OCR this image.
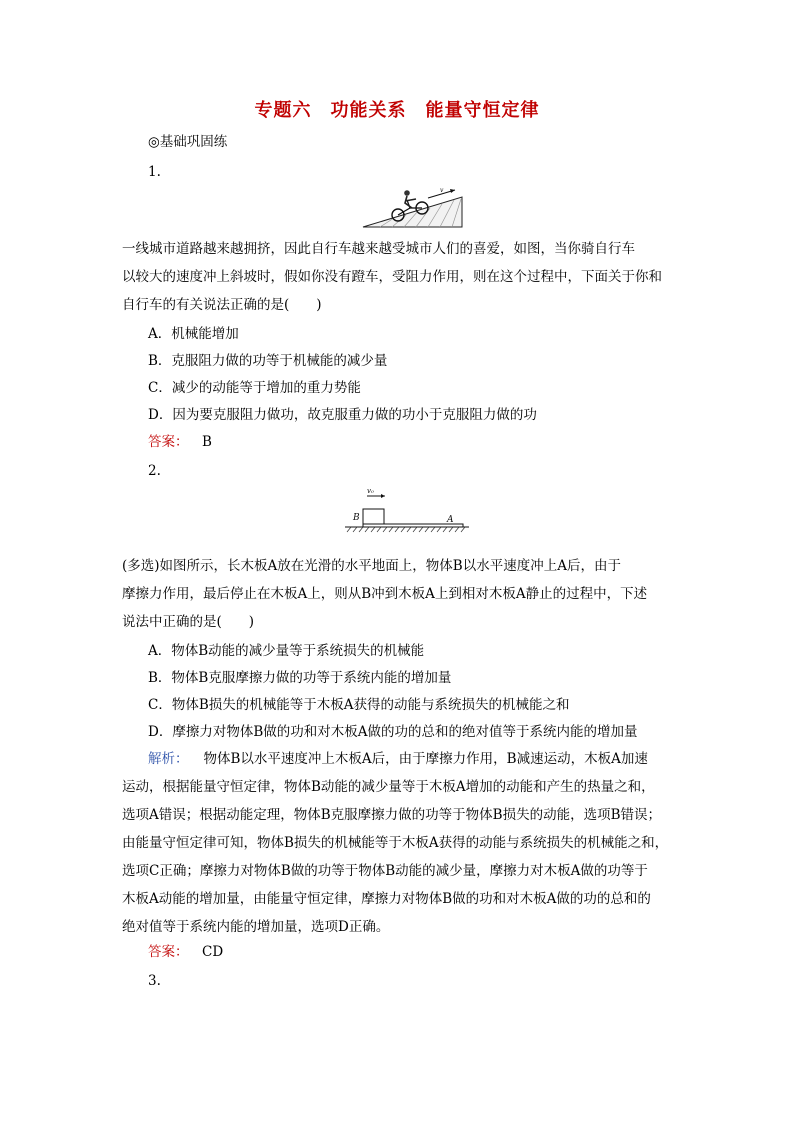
专题六　功能关系　能量守恒定律
◎基础巩固练
1.
v
一线城市道路越来越拥挤，因此自行车越来越受城市人们的喜爱，如图，当你骑自行车
以较大的速度冲上斜坡时，假如你没有蹬车，受阻力作用，则在这个过程中，下面关于你和
自行车的有关说法正确的是(　　)
A．机械能增加
B．克服阻力做的功等于机械能的减少量
C．减少的动能等于增加的重力势能
D．因为要克服阻力做功，故克服重力做的功小于克服阻力做的功
答案： B
2.
v₀
B	A
(多选)如图所示，长木板A放在光滑的水平地面上，物体B以水平速度冲上A后，由于
摩擦力作用，最后停止在木板A上，则从B冲到木板A上到相对木板A静止的过程中，下述
说法中正确的是(　　)
A．物体B动能的减少量等于系统损失的机械能
B．物体B克服摩擦力做的功等于系统内能的增加量
C．物体B损失的机械能等于木板A获得的动能与系统损失的机械能之和
D．摩擦力对物体B做的功和对木板A做的功的总和的绝对值等于系统内能的增加量
解析： 　物体B以水平速度冲上木板A后，由于摩擦力作用，B减速运动，木板A加速
运动，根据能量守恒定律，物体B动能的减少量等于木板A增加的动能和产生的热量之和，
选项A错误；根据动能定理，物体B克服摩擦力做的功等于物体B损失的动能，选项B错误；
由能量守恒定律可知，物体B损失的机械能等于木板A获得的动能与系统损失的机械能之和，
选项C正确；摩擦力对物体B做的功等于物体B动能的减少量，摩擦力对木板A做的功等于
木板A动能的增加量，由能量守恒定律，摩擦力对物体B做的功和对木板A做的功的总和的
绝对值等于系统内能的增加量，选项D正确。
答案： CD
3.
